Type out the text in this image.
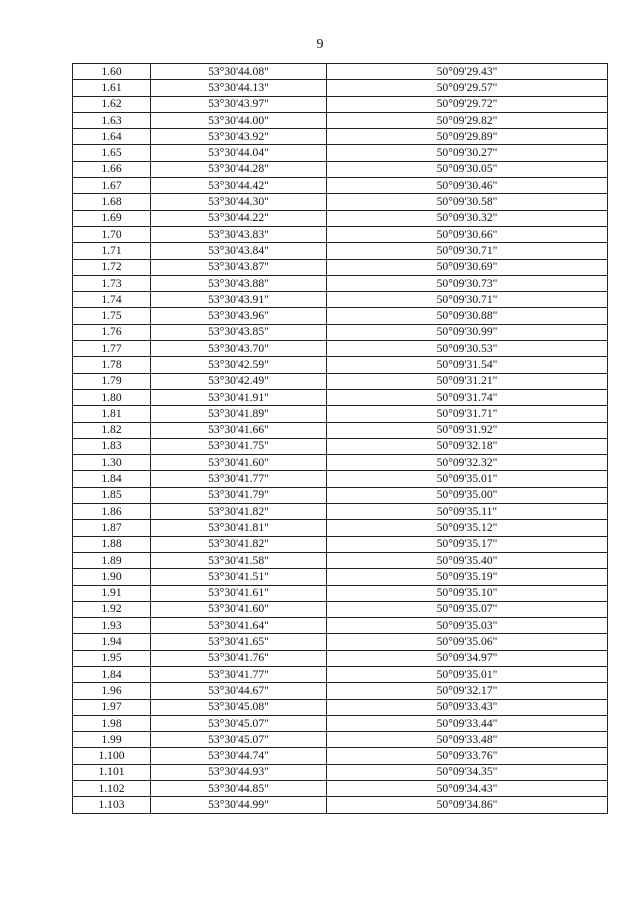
9
1.60	53°30'44.08"	50°09'29.43"
1.61	53°30'44.13"	50°09'29.57"
1.62	53°30'43.97"	50°09'29.72"
1.63	53°30'44.00"	50°09'29.82"
1.64	53°30'43.92"	50°09'29.89"
1.65	53°30'44.04"	50°09'30.27"
1.66	53°30'44.28"	50°09'30.05"
1.67	53°30'44.42"	50°09'30.46"
1.68	53°30'44.30"	50°09'30.58"
1.69	53°30'44.22"	50°09'30.32"
1.70	53°30'43.83"	50°09'30.66"
1.71	53°30'43.84"	50°09'30.71"
1.72	53°30'43.87"	50°09'30.69"
1.73	53°30'43.88"	50°09'30.73"
1.74	53°30'43.91"	50°09'30.71"
1.75	53°30'43.96"	50°09'30.88"
1.76	53°30'43.85"	50°09'30.99"
1.77	53°30'43.70"	50°09'30.53"
1.78	53°30'42.59"	50°09'31.54"
1.79	53°30'42.49"	50°09'31.21"
1.80	53°30'41.91"	50°09'31.74"
1.81	53°30'41.89"	50°09'31.71"
1.82	53°30'41.66"	50°09'31.92"
1.83	53°30'41.75"	50°09'32.18"
1.30	53°30'41.60"	50°09'32.32"
1.84	53°30'41.77"	50°09'35.01"
1.85	53°30'41.79"	50°09'35.00"
1.86	53°30'41.82"	50°09'35.11"
1.87	53°30'41.81"	50°09'35.12"
1.88	53°30'41.82"	50°09'35.17"
1.89	53°30'41.58"	50°09'35.40"
1.90	53°30'41.51"	50°09'35.19"
1.91	53°30'41.61"	50°09'35.10"
1.92	53°30'41.60"	50°09'35.07"
1.93	53°30'41.64"	50°09'35.03"
1.94	53°30'41.65"	50°09'35.06"
1.95	53°30'41.76"	50°09'34.97"
1.84	53°30'41.77"	50°09'35.01"
1.96	53°30'44.67"	50°09'32.17"
1.97	53°30'45.08"	50°09'33.43"
1.98	53°30'45.07"	50°09'33.44"
1.99	53°30'45.07"	50°09'33.48"
1.100	53°30'44.74"	50°09'33.76"
1.101	53°30'44.93"	50°09'34.35"
1.102	53°30'44.85"	50°09'34.43"
1.103	53°30'44.99"	50°09'34.86"
